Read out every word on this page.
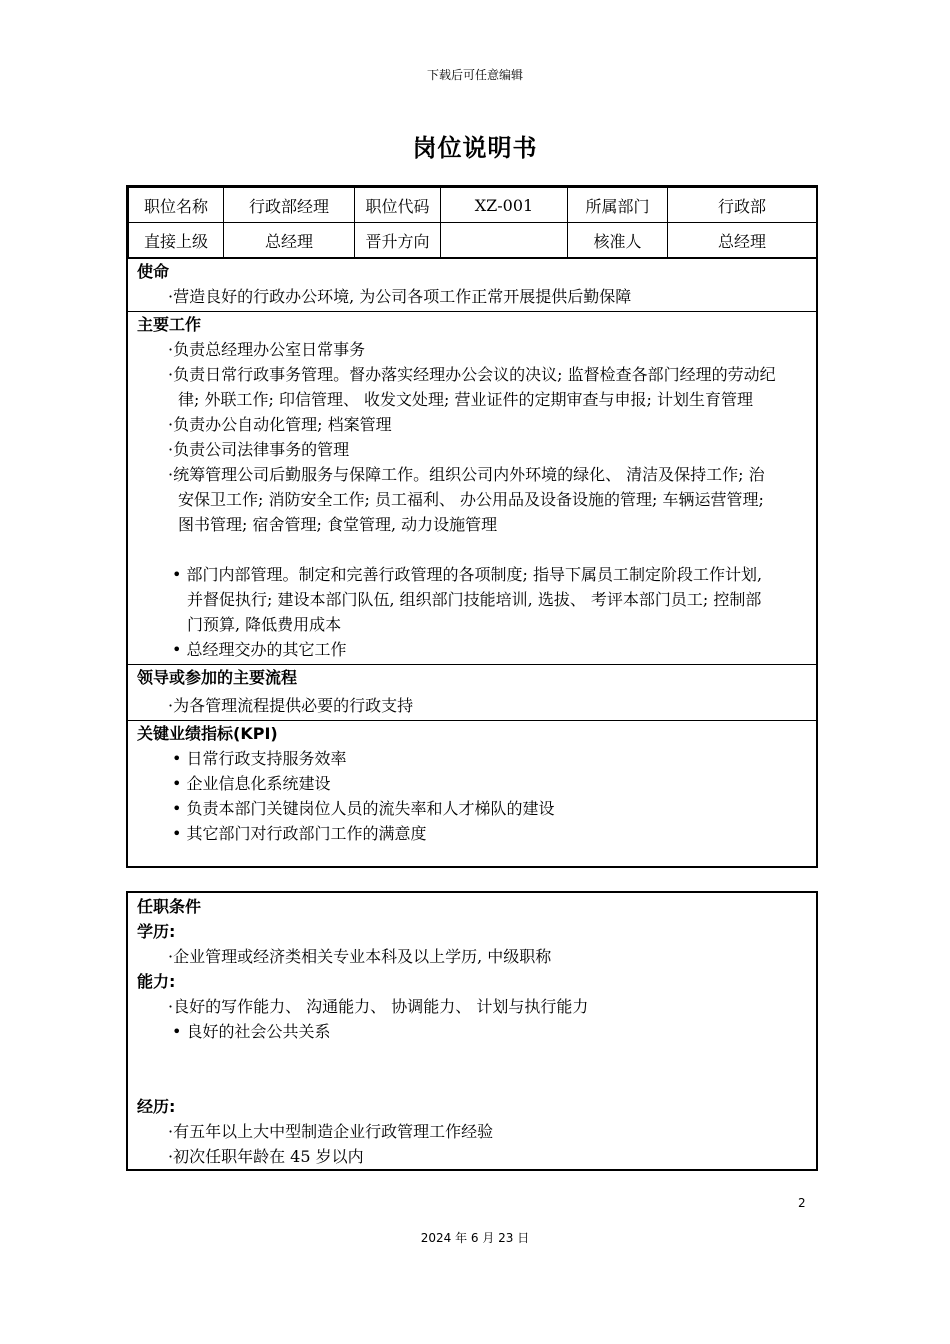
下载后可任意编辑
岗位说明书
职位名称	行政部经理	职位代码	XZ-001	所属部门	行政部
直接上级	总经理	晋升方向		核准人	总经理
使命
·营造良好的行政办公环境, 为公司各项工作正常开展提供后勤保障
主要工作
·负责总经理办公室日常事务
·负责日常行政事务管理。督办落实经理办公会议的决议; 监督检查各部门经理的劳动纪
律; 外联工作; 印信管理、 收发文处理; 营业证件的定期审查与申报; 计划生育管理
·负责办公自动化管理; 档案管理
·负责公司法律事务的管理
·统筹管理公司后勤服务与保障工作。组织公司内外环境的绿化、 清洁及保持工作; 治
安保卫工作; 消防安全工作; 员工福利、 办公用品及设备设施的管理; 车辆运营管理;
图书管理; 宿舍管理; 食堂管理, 动力设施管理
• 部门内部管理。制定和完善行政管理的各项制度; 指导下属员工制定阶段工作计划,
并督促执行; 建设本部门队伍, 组织部门技能培训, 选拔、 考评本部门员工; 控制部
门预算, 降低费用成本
• 总经理交办的其它工作
领导或参加的主要流程
·为各管理流程提供必要的行政支持
关键业绩指标(KPI)
• 日常行政支持服务效率
• 企业信息化系统建设
• 负责本部门关键岗位人员的流失率和人才梯队的建设
• 其它部门对行政部门工作的满意度
任职条件
学历:
·企业管理或经济类相关专业本科及以上学历, 中级职称
能力:
·良好的写作能力、 沟通能力、 协调能力、 计划与执行能力
• 良好的社会公共关系
经历:
·有五年以上大中型制造企业行政管理工作经验
·初次任职年龄在 45 岁以内
2
2024 年 6 月 23 日
